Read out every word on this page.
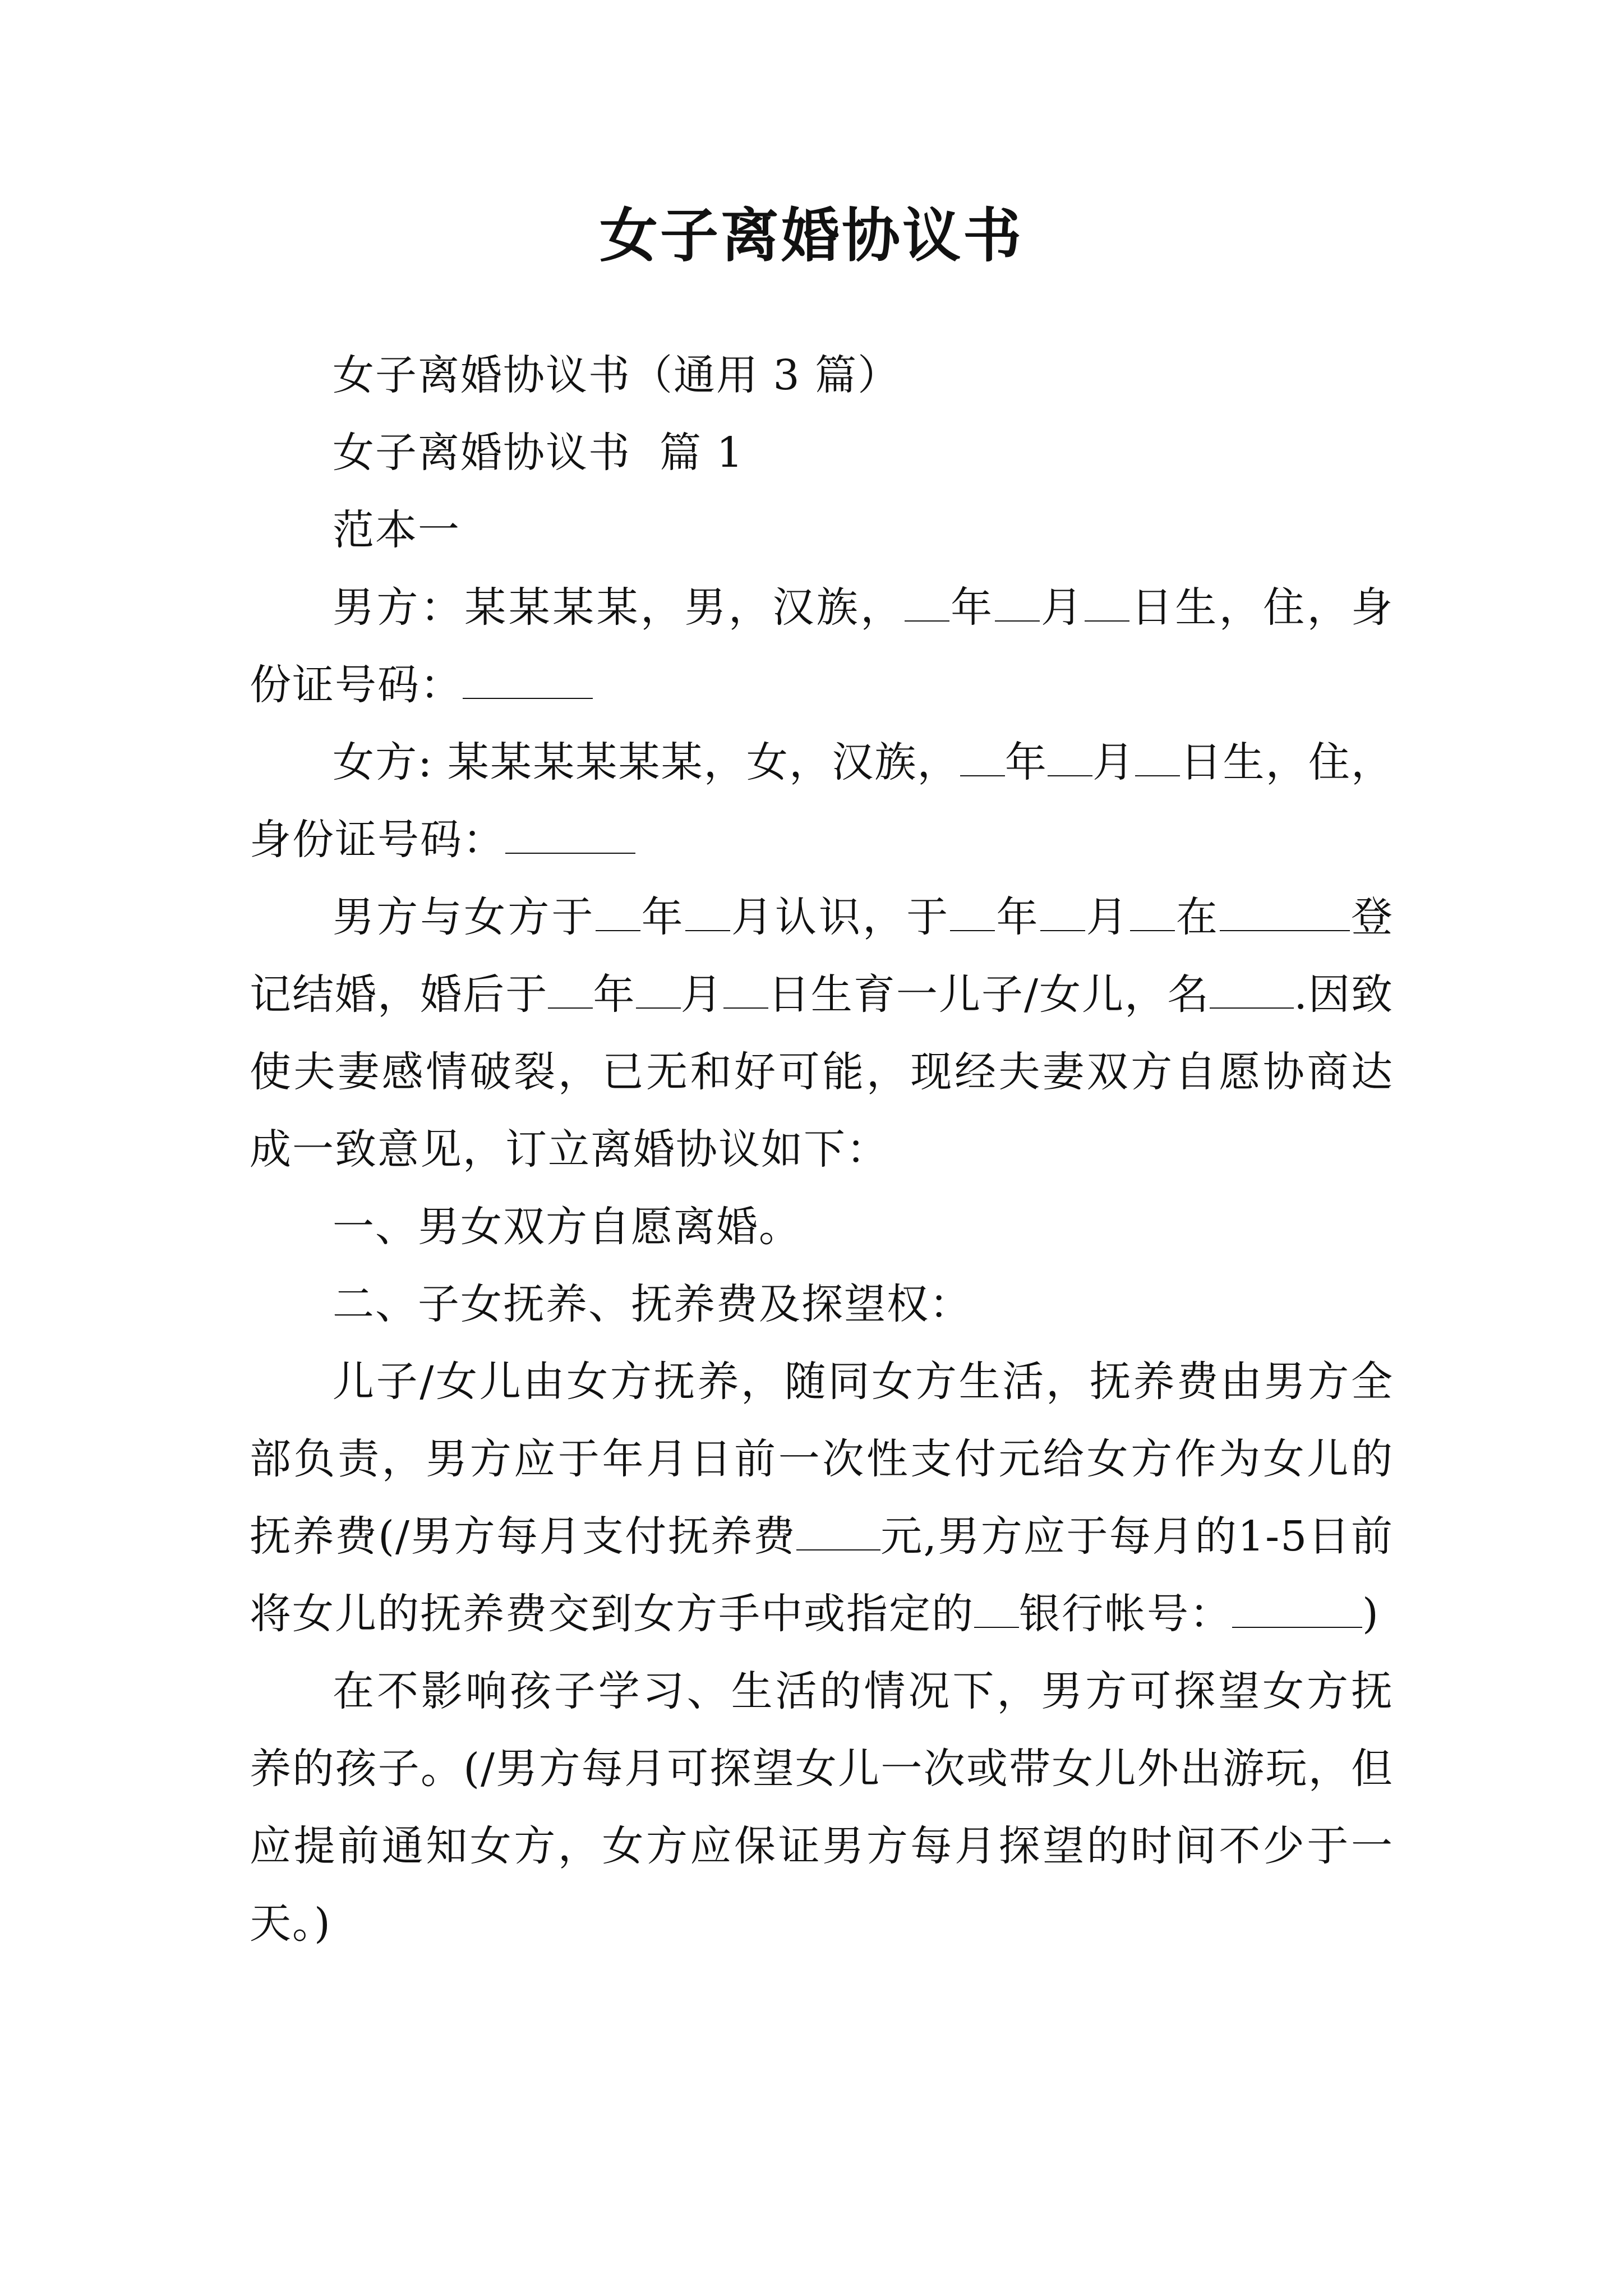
女子离婚协议书

女子离婚协议书（通用 3 篇）

女子离婚协议书  篇 1

范本一

男方：某某某某，男，汉族， 年 月 日生，住，身份证号码：

女方: 某某某某某某，女，汉族， 年 月 日生，住，身份证号码：

男方与女方于 年 月认识，于 年 月 在	登记结婚，婚后于 年 月 日生育一儿子/女儿，名 .因致使夫妻感情破裂，已无和好可能，现经夫妻双方自愿协商达成一致意见，订立离婚协议如下：

一、男女双方自愿离婚。

二、子女抚养、抚养费及探望权：

儿子/女儿由女方抚养，随同女方生活，抚养费由男方全部负责，男方应于年月日前一次性支付元给女方作为女儿的抚养费(/男方每月支付抚养费 元,男方应于每月的1-5日前将女儿的抚养费交到女方手中或指定的 银行帐号：	)

在不影响孩子学习、生活的情况下，男方可探望女方抚养的孩子。(/男方每月可探望女儿一次或带女儿外出游玩，但应提前通知女方，女方应保证男方每月探望的时间不少于一天。)
